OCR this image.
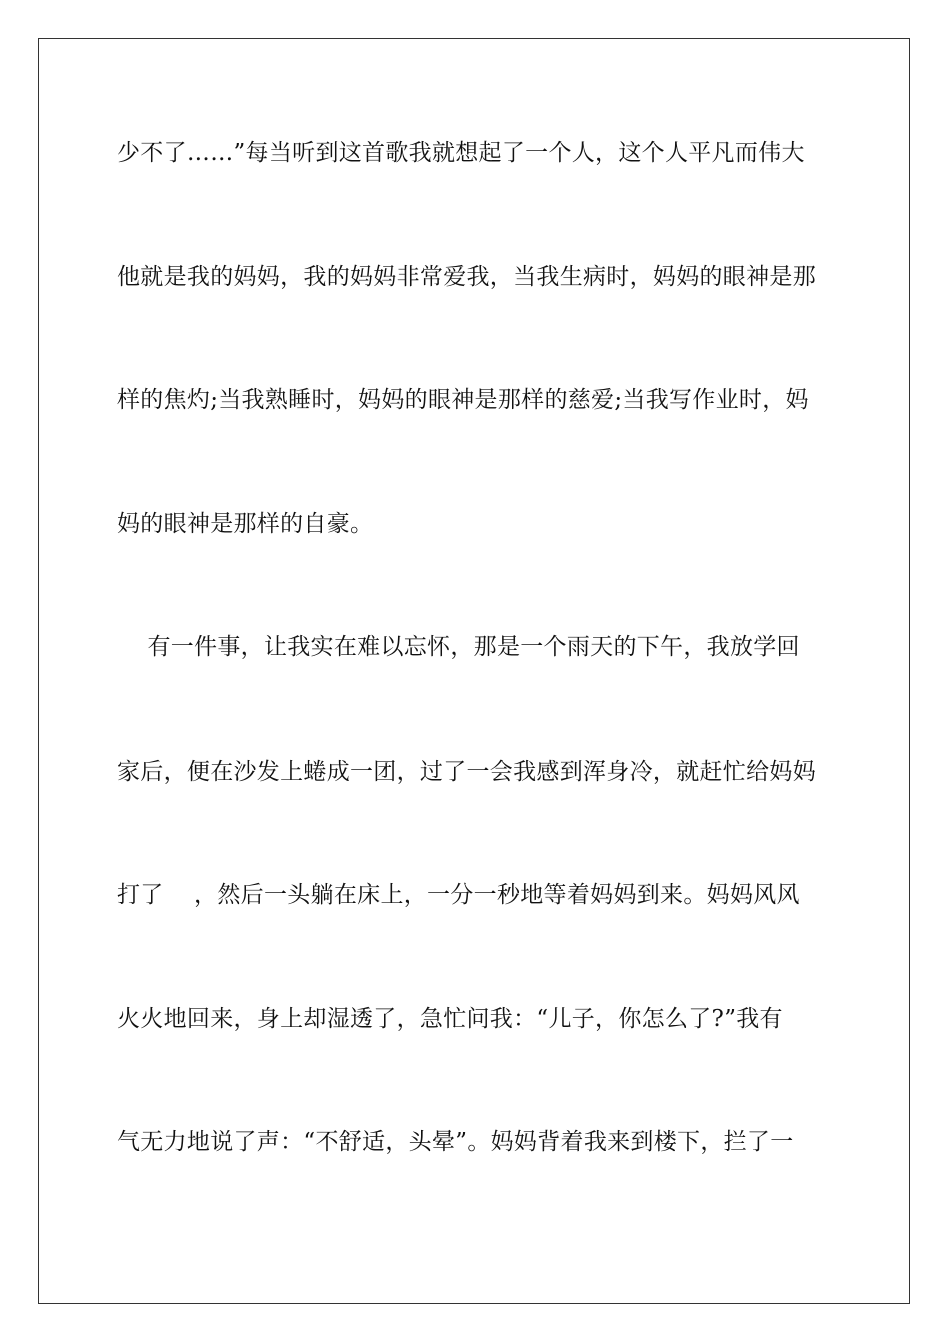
少不了……”每当听到这首歌我就想起了一个人，这个人平凡而伟大
他就是我的妈妈，我的妈妈非常爱我，当我生病时，妈妈的眼神是那
样的焦灼;当我熟睡时，妈妈的眼神是那样的慈爱;当我写作业时，妈
妈的眼神是那样的自豪。
有一件事，让我实在难以忘怀，那是一个雨天的下午，我放学回
家后，便在沙发上蜷成一团，过了一会我感到浑身冷，就赶忙给妈妈
打了    ，然后一头躺在床上，一分一秒地等着妈妈到来。妈妈风风
火火地回来，身上却湿透了，急忙问我：“儿子，你怎么了?”我有
气无力地说了声：“不舒适，头晕”。妈妈背着我来到楼下，拦了一
